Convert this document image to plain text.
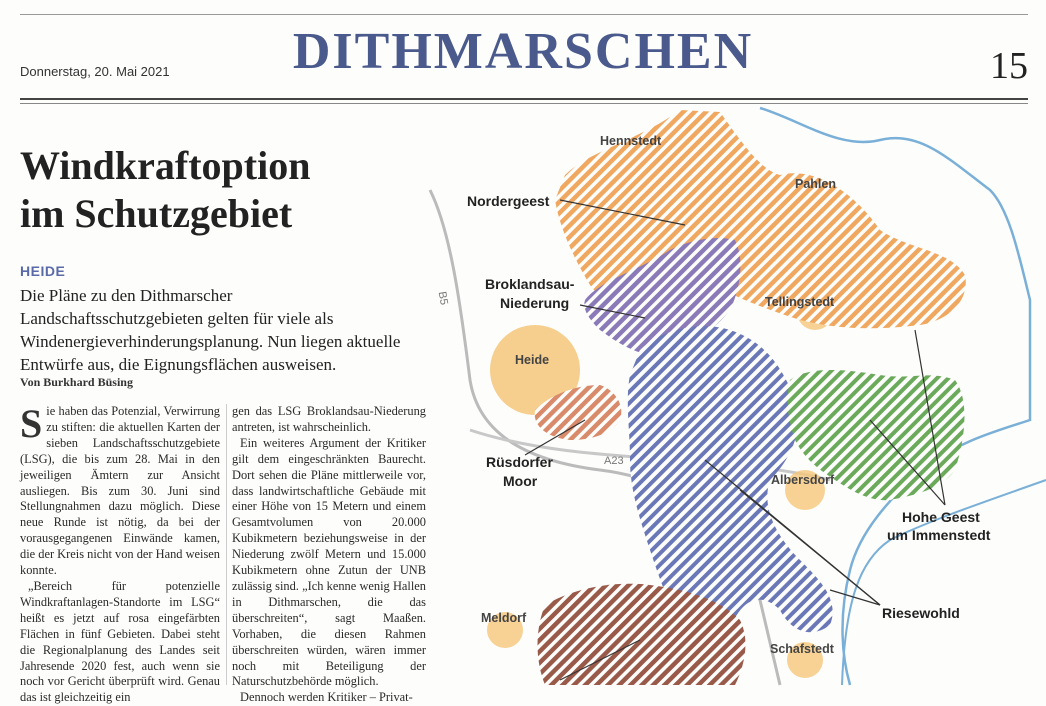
Donnerstag, 20. Mai 2021	DITHMARSCHEN	15
Windkraftoption
im Schutzgebiet
HEIDE
Die Pläne zu den Dithmarscher Landschaftsschutzgebieten gelten für viele als Windenergieverhinderungsplanung. Nun liegen aktuelle Entwürfe aus, die Eignungsflächen ausweisen.
Von Burkhard Büsing

Sie haben das Potenzial, Verwirrung zu stiften: die aktuellen Karten der sieben Landschaftsschutzgebiete (LSG), die bis zum 28. Mai in den jeweiligen Ämtern zur Ansicht ausliegen. Bis zum 30. Juni sind Stellungnahmen dazu möglich. Diese neue Runde ist nötig, da bei der vorausgegangenen Einwände kamen, die der Kreis nicht von der Hand weisen konnte.

„Bereich für potenzielle Windkraftanlagen-Standorte im LSG“ heißt es jetzt auf rosa eingefärbten Flächen in fünf Gebieten. Dabei steht die Regionalplanung des Landes seit Jahresende 2020 fest, auch wenn sie noch vor Gericht überprüft wird. Genau das ist gleichzeitig ein

gen das LSG Broklandsau-Niederung antreten, ist wahrscheinlich.

Ein weiteres Argument der Kritiker gilt dem eingeschränkten Baurecht. Dort sehen die Pläne mittlerweile vor, dass landwirtschaftliche Gebäude mit einer Höhe von 15 Metern und einem Gesamtvolumen von 20.000 Kubikmetern beziehungsweise in der Niederung zwölf Metern und 15.000 Kubikmetern ohne Zutun der UNB zulässig sind. „Ich kenne wenig Hallen in Dithmarschen, die das überschreiten“, sagt Maaßen. Vorhaben, die diesen Rahmen überschreiten würden, wären immer noch mit Beteiligung der Naturschutzbehörde möglich.

Dennoch werden Kritiker – Privat-

Hennstedt
Pahlen
Tellingstedt
Heide
Albersdorf
Meldorf
Schafstedt
Nordergeest
Broklandsau-
Niederung
Rüsdorfer
Moor
Hohe Geest
um Immenstedt
Riesewohld
B5
A23
